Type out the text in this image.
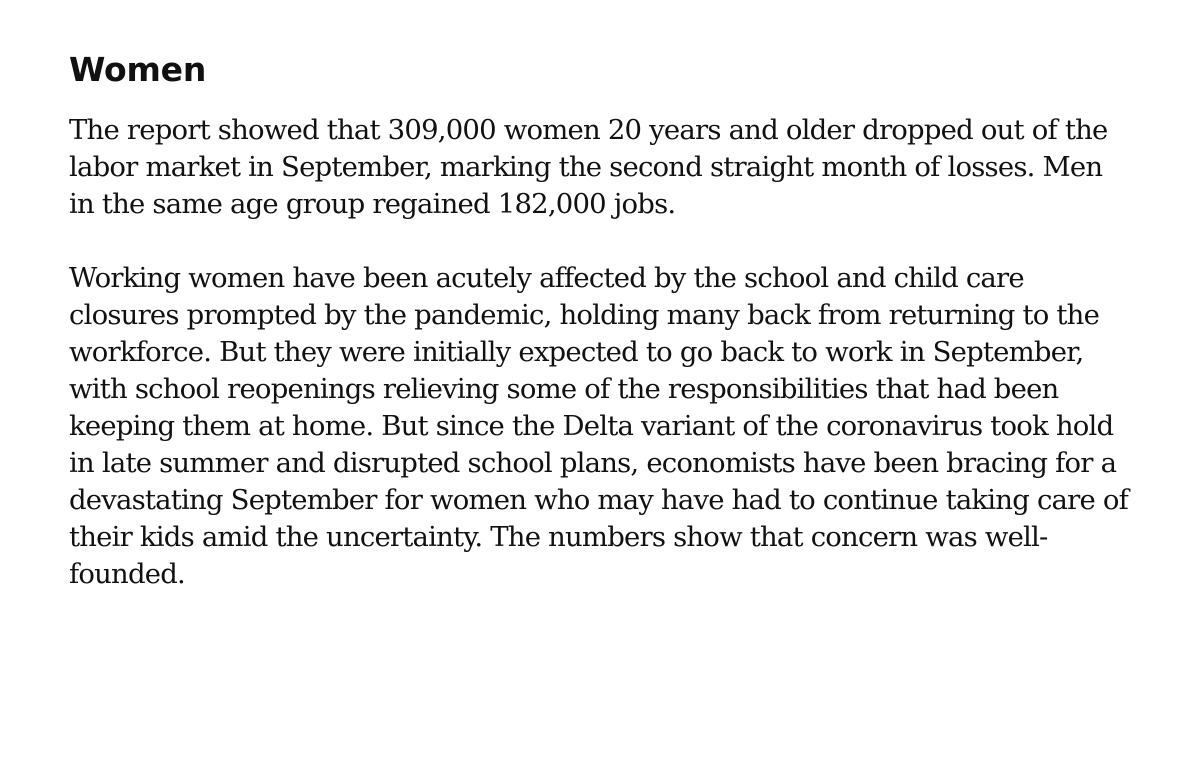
Women

The report showed that 309,000 women 20 years and older dropped out of the labor market in September, marking the second straight month of losses. Men in the same age group regained 182,000 jobs.

Working women have been acutely affected by the school and child care closures prompted by the pandemic, holding many back from returning to the workforce. But they were initially expected to go back to work in September, with school reopenings relieving some of the responsibilities that had been keeping them at home. But since the Delta variant of the coronavirus took hold in late summer and disrupted school plans, economists have been bracing for a devastating September for women who may have had to continue taking care of their kids amid the uncertainty. The numbers show that concern was well-founded.
